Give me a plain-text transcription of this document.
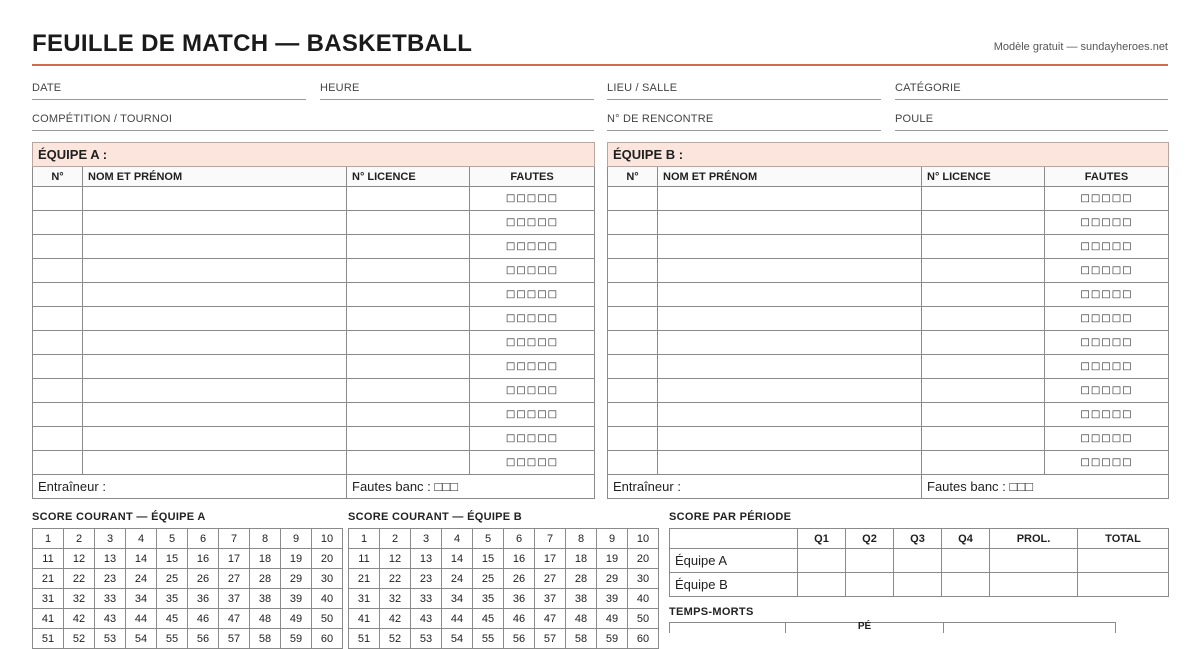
FEUILLE DE MATCH — BASKETBALL	Modèle gratuit — sundayheroes.net
DATE	HEURE	LIEU / SALLE	CATÉGORIE
COMPÉTITION / TOURNOI	N° DE RENCONTRE	POULE
ÉQUIPE A :			
N°	NOM ET PRÉNOM	N° LICENCE	FAUTES
			□□□□□
			□□□□□
			□□□□□
			□□□□□
			□□□□□
			□□□□□
			□□□□□
			□□□□□
			□□□□□
			□□□□□
			□□□□□
			□□□□□
Entraîneur :		Fautes banc : □□□	
ÉQUIPE B :			
N°	NOM ET PRÉNOM	N° LICENCE	FAUTES
			□□□□□
			□□□□□
			□□□□□
			□□□□□
			□□□□□
			□□□□□
			□□□□□
			□□□□□
			□□□□□
			□□□□□
			□□□□□
			□□□□□
Entraîneur :		Fautes banc : □□□	
SCORE COURANT — ÉQUIPE A
1	2	3	4	5	6	7	8	9	10
11	12	13	14	15	16	17	18	19	20
21	22	23	24	25	26	27	28	29	30
31	32	33	34	35	36	37	38	39	40
41	42	43	44	45	46	47	48	49	50
51	52	53	54	55	56	57	58	59	60
SCORE COURANT — ÉQUIPE B
1	2	3	4	5	6	7	8	9	10
11	12	13	14	15	16	17	18	19	20
21	22	23	24	25	26	27	28	29	30
31	32	33	34	35	36	37	38	39	40
41	42	43	44	45	46	47	48	49	50
51	52	53	54	55	56	57	58	59	60
SCORE PAR PÉRIODE
	Q1	Q2	Q3	Q4	PROL.	TOTAL
Équipe A						
Équipe B						
TEMPS-MORTS
	PÉ		
